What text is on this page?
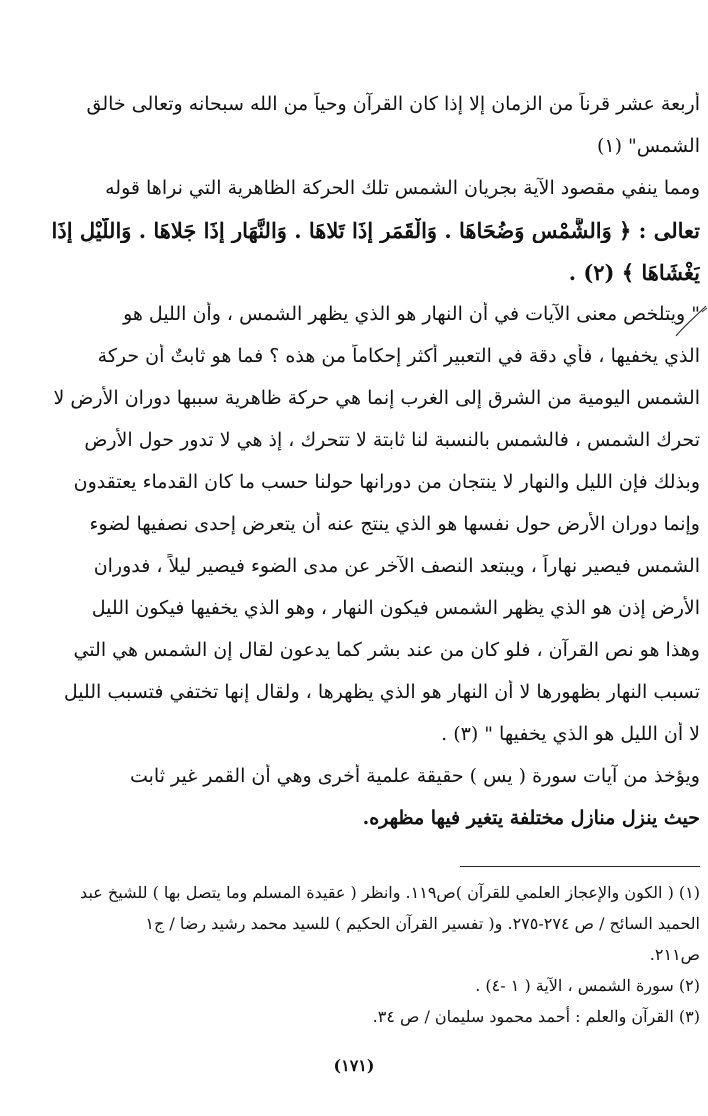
أربعة عشر قرناً من الزمان إلا إذا كان القرآن وحياً من الله سبحانه وتعالى خالق
الشمس" (١)
ومما ينفي مقصود الآية بجريان الشمس تلك الحركة الظاهرية التي نراها قوله
تعالى : ﴿ وَالشَّمْسِ وَضُحَاهَا . وَالْقَمَرِ إِذَا تَلاهَا . وَالنَّهَارِ إِذَا جَلاهَا . وَاللَّيْلِ إِذَا
يَغْشَاهَا ﴾ (٢) .
" ويتلخص معنى الآيات في أن النهار هو الذي يظهر الشمس ، وأن الليل هو
الذي يخفيها ، فأي دقة في التعبير أكثر إحكاماً من هذه ؟ فما هو ثابتٌ أن حركة
الشمس اليومية من الشرق إلى الغرب إنما هي حركة ظاهرية سببها دوران الأرض لا
تحرك الشمس ، فالشمس بالنسبة لنا ثابتة لا تتحرك ، إذ هي لا تدور حول الأرض
وبذلك فإن الليل والنهار لا ينتجان من دورانها حولنا حسب ما كان القدماء يعتقدون
وإنما دوران الأرض حول نفسها هو الذي ينتج عنه أن يتعرض إحدى نصفيها لضوء
الشمس فيصير نهاراً ، ويبتعد النصف الآخر عن مدى الضوء فيصير ليلاً ، فدوران
الأرض إذن هو الذي يظهر الشمس فيكون النهار ، وهو الذي يخفيها فيكون الليل
وهذا هو نص القرآن ، فلو كان من عند بشر كما يدعون لقال إن الشمس هي التي
تسبب النهار بظهورها لا أن النهار هو الذي يظهرها ، ولقال إنها تختفي فتسبب الليل
لا أن الليل هو الذي يخفيها " (٣) .
ويؤخذ من آيات سورة ( يس ) حقيقة علمية أخرى وهي أن القمر غير ثابت
حيث ينزل منازل مختلفة يتغير فيها مظهره.
(١) ( الكون والإعجاز العلمي للقرآن )ص١١٩. وانظر ( عقيدة المسلم وما يتصل بها ) للشيخ عبد
الحميد السائح / ص ٢٧٤-٢٧٥. و( تفسير القرآن الحكيم ) للسيد محمد رشيد رضا / ج١
ص٢١١.
(٢) سورة الشمس ، الآية ( ١ -٤) .
(٣) القرآن والعلم : أحمد محمود سليمان / ص ٣٤.
(١٧١)
